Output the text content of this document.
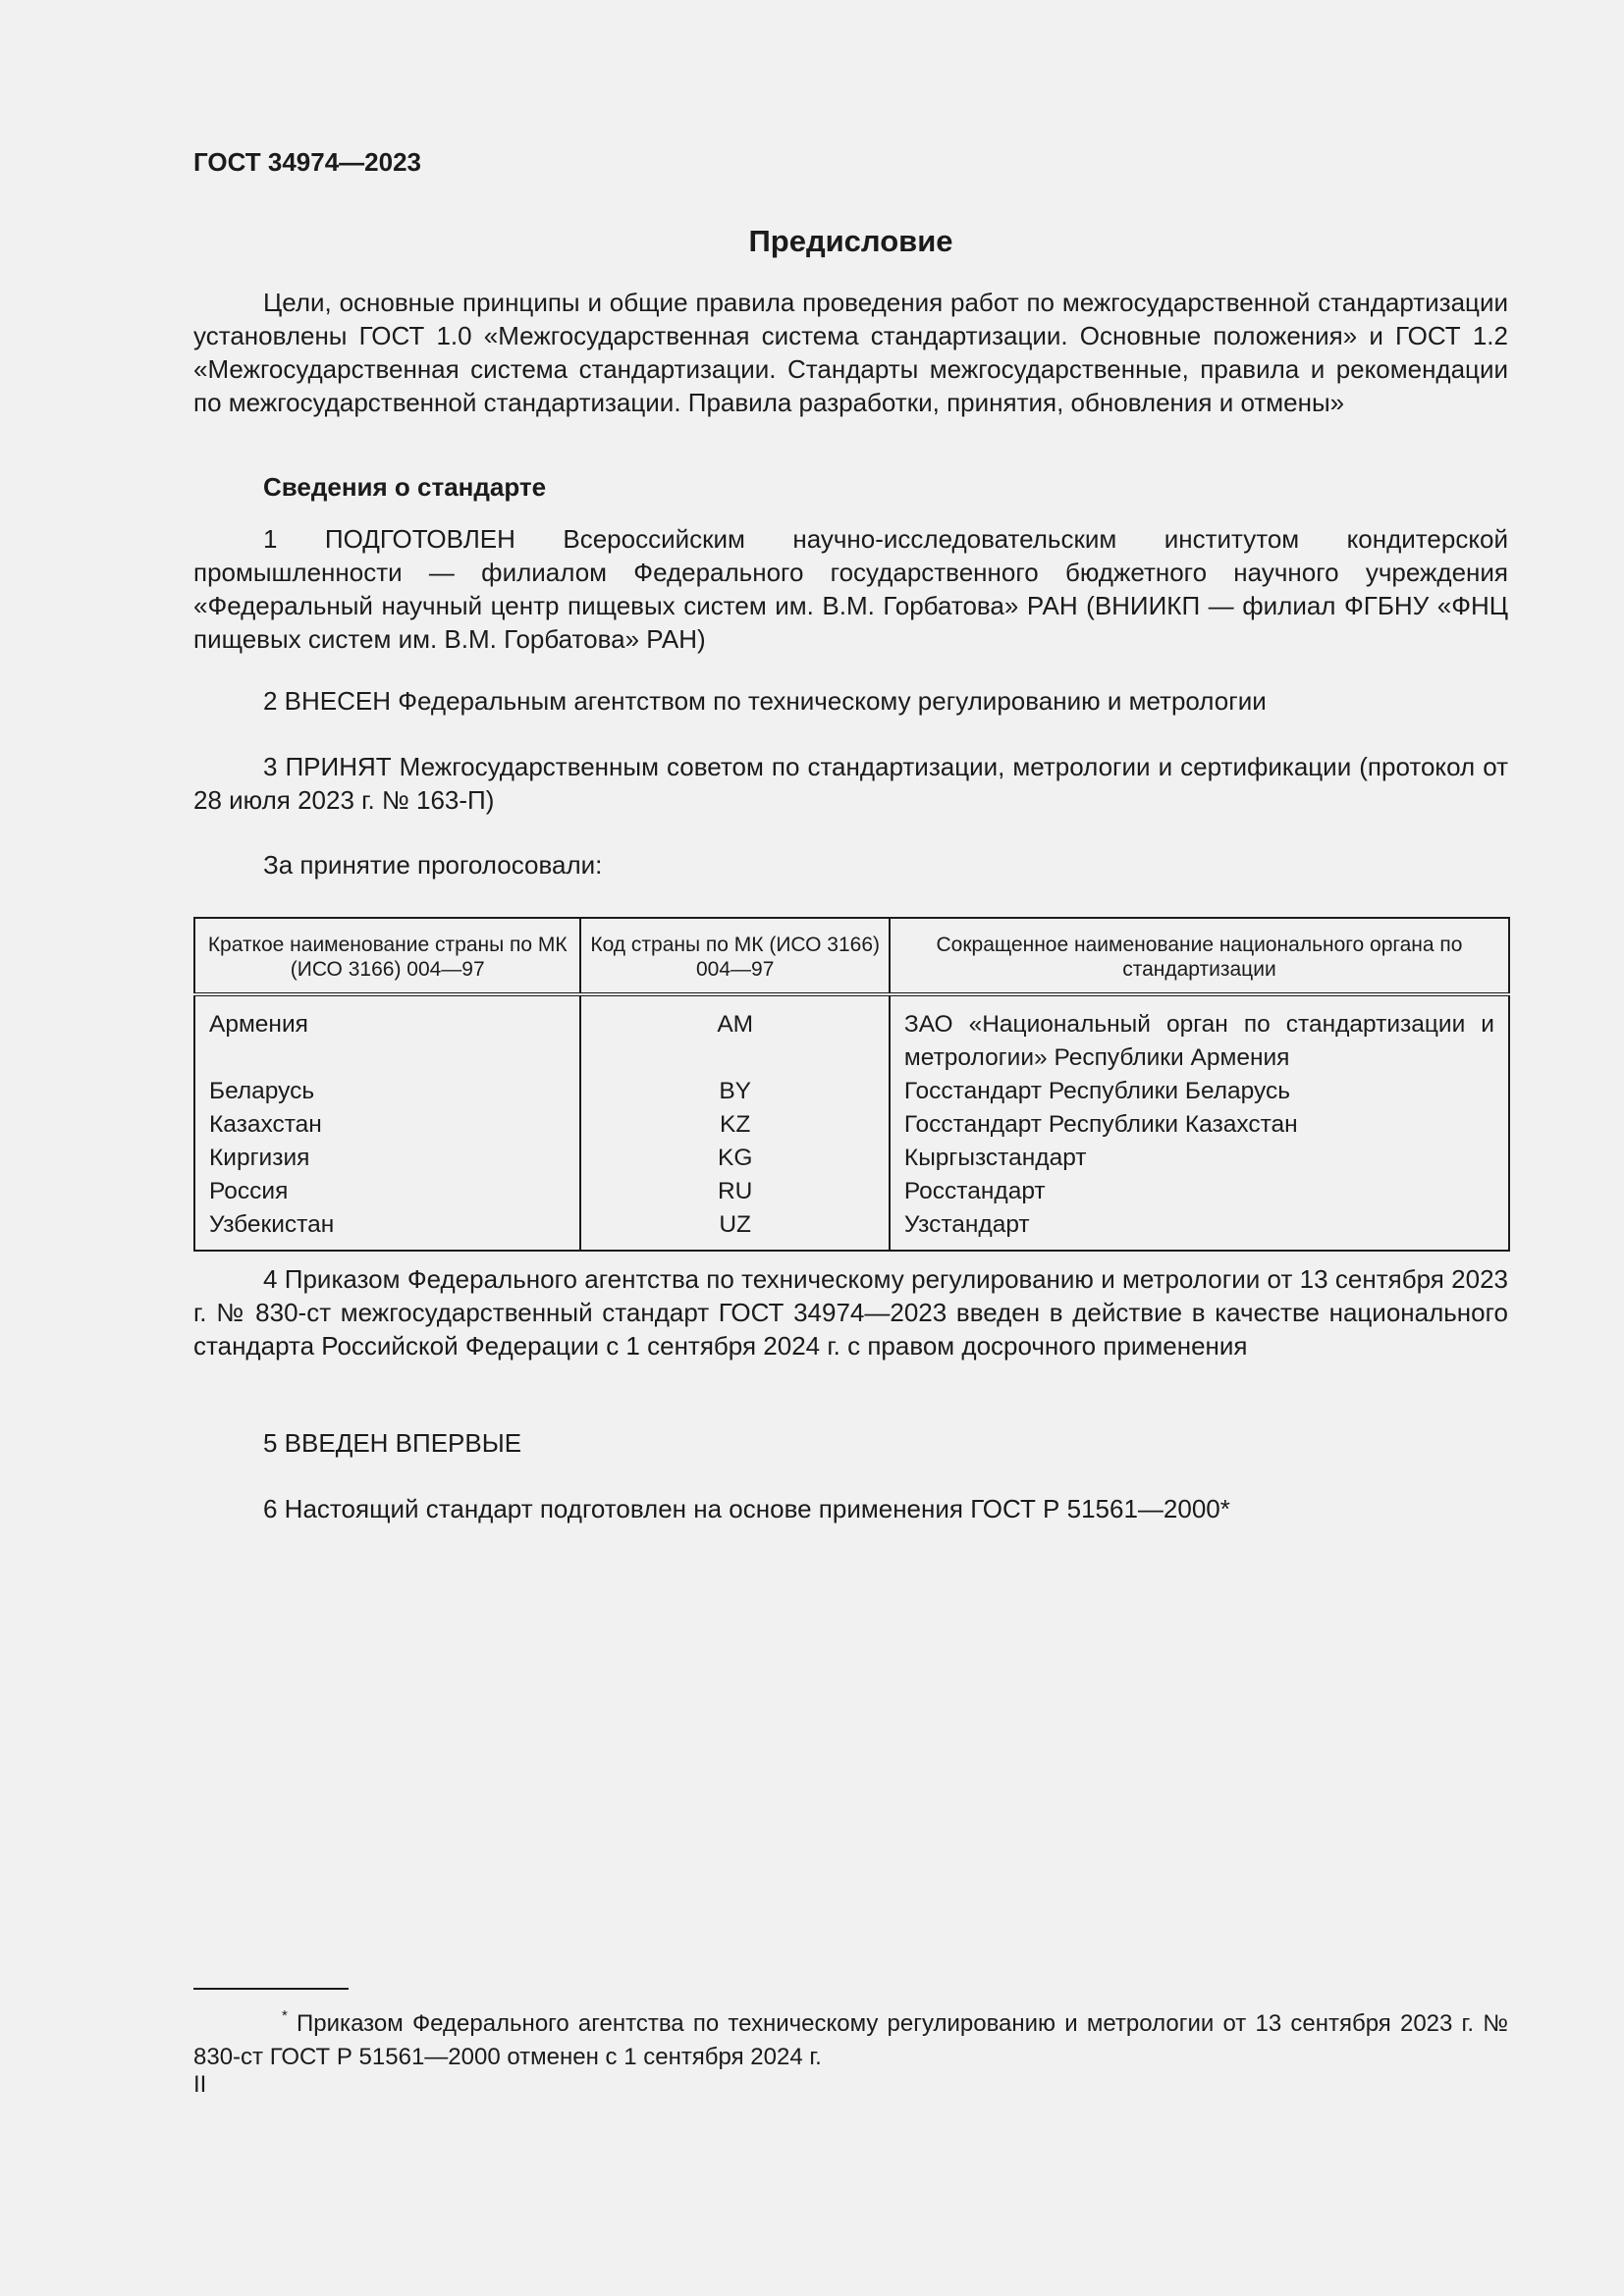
ГОСТ 34974—2023
Предисловие

Цели, основные принципы и общие правила проведения работ по межгосударственной стандартизации установлены ГОСТ 1.0 «Межгосударственная система стандартизации. Основные положения» и ГОСТ 1.2 «Межгосударственная система стандартизации. Стандарты межгосударственные, правила и рекомендации по межгосударственной стандартизации. Правила разработки, принятия, обновления и отмены»

Сведения о стандарте

1 ПОДГОТОВЛЕН Всероссийским научно-исследовательским институтом кондитерской промышленности — филиалом Федерального государственного бюджетного научного учреждения «Федеральный научный центр пищевых систем им. В.М. Горбатова» РАН (ВНИИКП — филиал ФГБНУ «ФНЦ пищевых систем им. В.М. Горбатова» РАН)

2 ВНЕСЕН Федеральным агентством по техническому регулированию и метрологии

3 ПРИНЯТ Межгосударственным советом по стандартизации, метрологии и сертификации (протокол от 28 июля 2023 г. № 163-П)

За принятие проголосовали:

Краткое наименование страны по МК (ИСО 3166) 004—97	Код страны по МК (ИСО 3166) 004—97	Сокращенное наименование национального органа по стандартизации
Армения	AM	ЗАО «Национальный орган по стандартизации и метрологии» Республики Армения
Беларусь	BY	Госстандарт Республики Беларусь
Казахстан	KZ	Госстандарт Республики Казахстан
Киргизия	KG	Кыргызстандарт
Россия	RU	Росстандарт
Узбекистан	UZ	Узстандарт

4 Приказом Федерального агентства по техническому регулированию и метрологии от 13 сентября 2023 г. № 830-ст межгосударственный стандарт ГОСТ 34974—2023 введен в действие в качестве национального стандарта Российской Федерации с 1 сентября 2024 г. с правом досрочного применения

5 ВВЕДЕН ВПЕРВЫЕ

6 Настоящий стандарт подготовлен на основе применения ГОСТ Р 51561—2000*

* Приказом Федерального агентства по техническому регулированию и метрологии от 13 сентября 2023 г. № 830-ст ГОСТ Р 51561—2000 отменен с 1 сентября 2024 г.

II
